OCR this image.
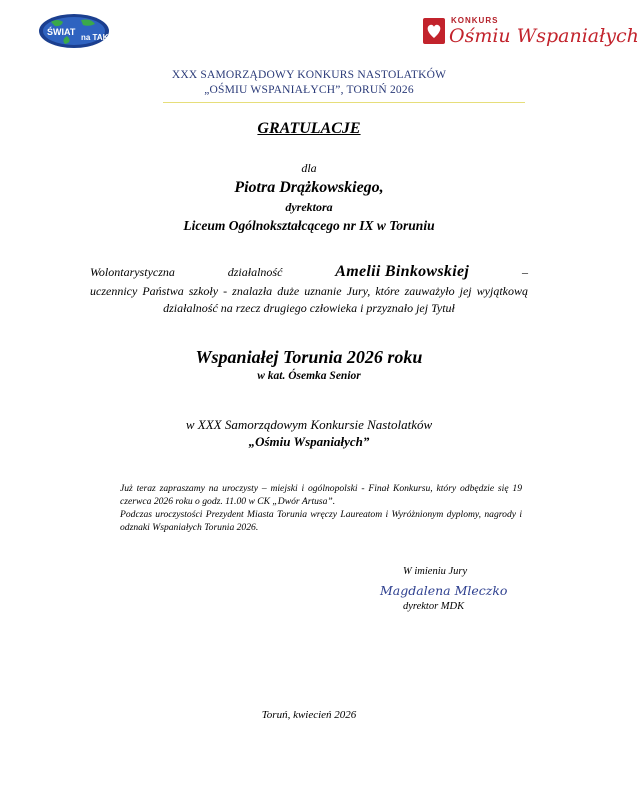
ŚWIAT
na TAK
KONKURS
Ośmiu Wspaniałych
XXX SAMORZĄDOWY KONKURS NASTOLATKÓW
„OŚMIU WSPANIAŁYCH”, TORUŃ 2026
GRATULACJE
dla
Piotra Drążkowskiego,
dyrektora
Liceum Ogólnokształcącego nr IX w Toruniu
Wolontarystyczna	działalność	Amelii Binkowskiej	–
uczennicy Państwa szkoły - znalazła duże uznanie Jury, które zauważyło jej wyjątkową działalność na rzecz drugiego człowieka i przyznało jej Tytuł
Wspaniałej Torunia 2026 roku
w kat. Ósemka Senior
w XXX Samorządowym Konkursie Nastolatków
„Ośmiu Wspaniałych”

Już teraz zapraszamy na uroczysty – miejski i ogólnopolski - Finał Konkursu, który odbędzie się 19 czerwca 2026 roku o godz. 11.00 w CK „Dwór Artusa”.

Podczas uroczystości Prezydent Miasta Torunia wręczy Laureatom i Wyróżnionym dyplomy, nagrody i odznaki Wspaniałych Torunia 2026.

W imieniu Jury
Magdalena Mleczko
dyrektor MDK
Toruń, kwiecień 2026
